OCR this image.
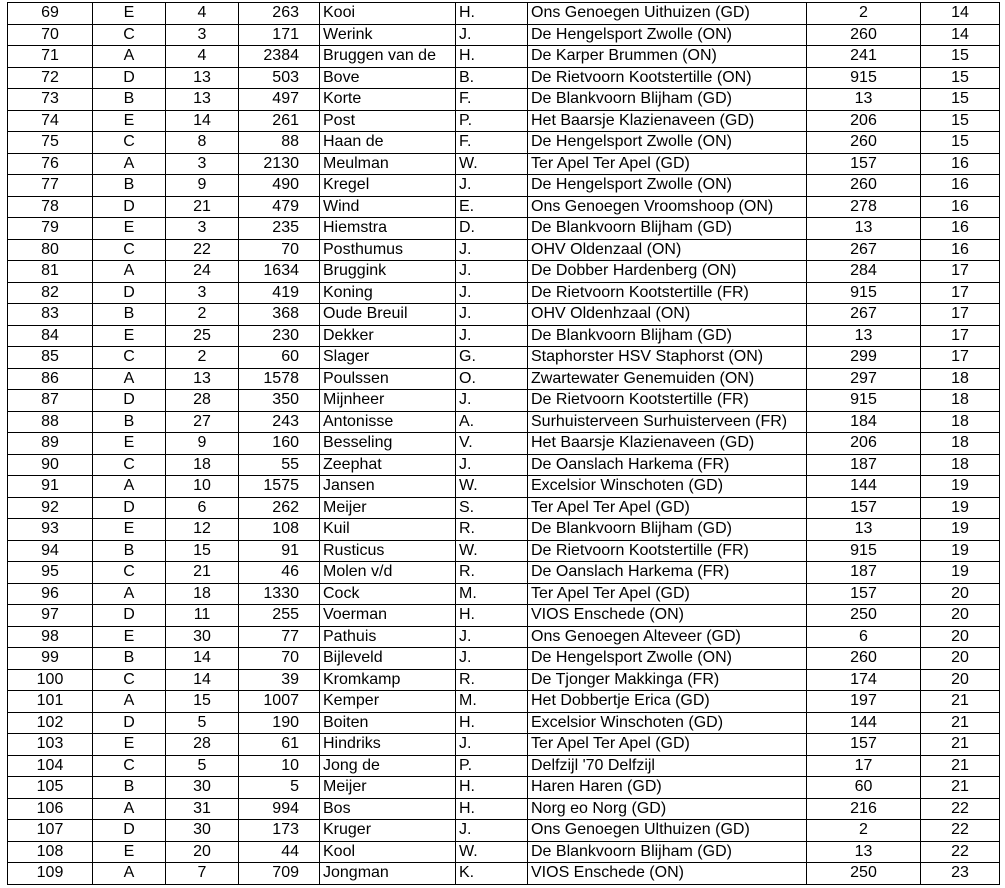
69	E	4	263	Kooi	H.	Ons Genoegen Uithuizen (GD)	2	14
70	C	3	171	Werink	J.	De Hengelsport Zwolle (ON)	260	14
71	A	4	2384	Bruggen van de	H.	De Karper Brummen (ON)	241	15
72	D	13	503	Bove	B.	De Rietvoorn Kootstertille (ON)	915	15
73	B	13	497	Korte	F.	De Blankvoorn Blijham (GD)	13	15
74	E	14	261	Post	P.	Het Baarsje Klazienaveen (GD)	206	15
75	C	8	88	Haan de	F.	De Hengelsport Zwolle (ON)	260	15
76	A	3	2130	Meulman	W.	Ter Apel Ter Apel (GD)	157	16
77	B	9	490	Kregel	J.	De Hengelsport Zwolle (ON)	260	16
78	D	21	479	Wind	E.	Ons Genoegen Vroomshoop (ON)	278	16
79	E	3	235	Hiemstra	D.	De Blankvoorn Blijham (GD)	13	16
80	C	22	70	Posthumus	J.	OHV Oldenzaal (ON)	267	16
81	A	24	1634	Bruggink	J.	De Dobber Hardenberg (ON)	284	17
82	D	3	419	Koning	J.	De Rietvoorn Kootstertille (FR)	915	17
83	B	2	368	Oude Breuil	J.	OHV Oldenhzaal (ON)	267	17
84	E	25	230	Dekker	J.	De Blankvoorn Blijham (GD)	13	17
85	C	2	60	Slager	G.	Staphorster HSV Staphorst (ON)	299	17
86	A	13	1578	Poulssen	O.	Zwartewater Genemuiden (ON)	297	18
87	D	28	350	Mijnheer	J.	De Rietvoorn Kootstertille (FR)	915	18
88	B	27	243	Antonisse	A.	Surhuisterveen Surhuisterveen (FR)	184	18
89	E	9	160	Besseling	V.	Het Baarsje Klazienaveen (GD)	206	18
90	C	18	55	Zeephat	J.	De Oanslach Harkema (FR)	187	18
91	A	10	1575	Jansen	W.	Excelsior Winschoten (GD)	144	19
92	D	6	262	Meijer	S.	Ter Apel Ter Apel (GD)	157	19
93	E	12	108	Kuil	R.	De Blankvoorn Blijham (GD)	13	19
94	B	15	91	Rusticus	W.	De Rietvoorn Kootstertille (FR)	915	19
95	C	21	46	Molen v/d	R.	De Oanslach Harkema (FR)	187	19
96	A	18	1330	Cock	M.	Ter Apel Ter Apel (GD)	157	20
97	D	11	255	Voerman	H.	VIOS Enschede (ON)	250	20
98	E	30	77	Pathuis	J.	Ons Genoegen Alteveer (GD)	6	20
99	B	14	70	Bijleveld	J.	De Hengelsport Zwolle (ON)	260	20
100	C	14	39	Kromkamp	R.	De Tjonger Makkinga (FR)	174	20
101	A	15	1007	Kemper	M.	Het Dobbertje Erica (GD)	197	21
102	D	5	190	Boiten	H.	Excelsior Winschoten (GD)	144	21
103	E	28	61	Hindriks	J.	Ter Apel Ter Apel (GD)	157	21
104	C	5	10	Jong de	P.	Delfzijl '70 Delfzijl	17	21
105	B	30	5	Meijer	H.	Haren Haren (GD)	60	21
106	A	31	994	Bos	H.	Norg eo Norg (GD)	216	22
107	D	30	173	Kruger	J.	Ons Genoegen Ulthuizen (GD)	2	22
108	E	20	44	Kool	W.	De Blankvoorn Blijham (GD)	13	22
109	A	7	709	Jongman	K.	VIOS Enschede (ON)	250	23
